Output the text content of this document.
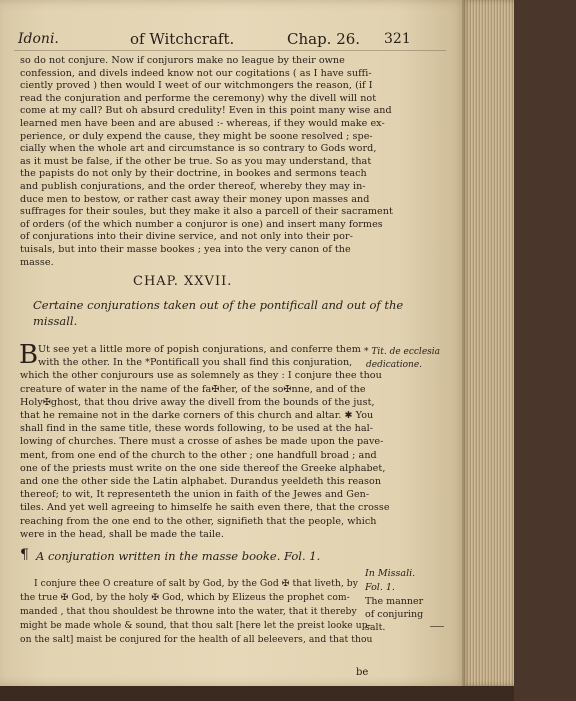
Idoni.	of Witchcraft.	Chap. 26. 321
so do not conjure. Now if conjurors make no league by their owne
confession, and divels indeed know not our cogitations ( as I have suffi-
ciently proved ) then would I weet of our witchmongers the reason, (if I
read the conjuration and performe the ceremony) why the divell will not
come at my call? But oh absurd credulity! Even in this point many wise and
learned men have been and are abused :- whereas, if they would make ex-
perience, or duly expend the cause, they might be soone resolved ; spe-
cially when the whole art and circumstance is so contrary to Gods word,
as it must be false, if the other be true. So as you may understand, that
the papists do not only by their doctrine, in bookes and sermons teach
and publish conjurations, and the order thereof, whereby they may in-
duce men to bestow, or rather cast away their money upon masses and
suffrages for their soules, but they make it also a parcell of their sacrament
of orders (of the which number a conjuror is one) and insert many formes
of conjurations into their divine service, and not only into their por-
CHAP. XXVII.
Certaine conjurations taken out of the pontificall and out of the
missall.
B Ut see yet a little more of popish conjurations, and conferre them
with the other. In the *Pontificall you shall find this conjuration,
which the other conjurours use as solemnely as they : I conjure thee thou
creature of water in the name of the fa✠her, of the so✠nne, and of the
Holy✠ghost, that thou drive away the divell from the bounds of the just,
that he remaine not in the darke corners of this church and altar. ✱ You
shall find in the same title, these words following, to be used at the hal-
lowing of churches. There must a crosse of ashes be made upon the pave-
ment, from one end of the church to the other ; one handfull broad ; and
one of the priests must write on the one side thereof the Greeke alphabet,
and one the other side the Latin alphabet. Durandus yeeldeth this reason
thereof; to wit, It representeth the union in faith of the Jewes and Gen-
tiles. And yet well agreeing to himselfe he saith even there, that the crosse
* Tit. de ecclesia
dedicatione.
¶ A conjuration written in the masse booke. Fol. 1.
I conjure thee O creature of salt by God, by the God ✠ that liveth, by
the true ✠ God, by the holy ✠ God, which by Elizeus the prophet com-
manded , that thou shouldest be throwne into the water, that it thereby
might be made whole & sound, that thou salt [here let the preist looke up-
on the salt] maist be conjured for the health of all beleevers, and that thou
In Missali.
Fol. 1.
The manner
of conjuring
salt.
be
tuisals, but into their masse bookes ; yea into the very canon of the
masse.
reaching from the one end to the other, signifieth that the people, which
were in the head, shall be made the taile.
